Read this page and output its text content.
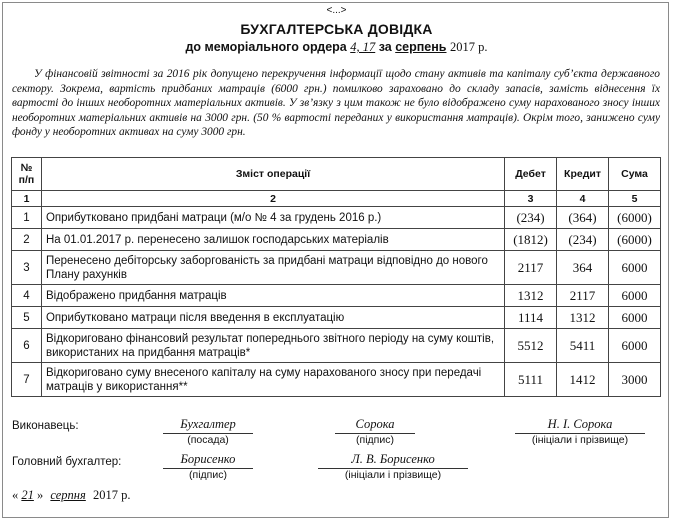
<...>
БУХГАЛТЕРСЬКА ДОВІДКА
до меморіального ордера 4, 17 за серпень 2017 р.
У фінансовій звітності за 2016 рік допущено перекручення інформації щодо стану активів та капіталу суб’єкта державного сектору. Зокрема, вартість придбаних матраців (6000 грн.) помилково зараховано до складу запасів, замість віднесення їх вартості до інших необоротних матеріальних активів. У зв’язку з цим також не було відображено суму нарахованого зносу інших необоротних матеріальних активів на 3000 грн. (50 % вартості переданих у використання матраців). Окрім того, занижено суму фонду у необоротних активах на суму 3000 грн.
№ п/п	Зміст операції	Дебет	Кредит	Сума
1	2	3	4	5
1	Оприбутковано придбані матраци (м/о № 4 за грудень 2016 р.)	(234)	(364)	(6000)
2	На 01.01.2017 р. перенесено залишок господарських матеріалів	(1812)	(234)	(6000)
3	Перенесено дебіторську заборгованість за придбані матраци відповідно до нового Плану рахунків	2117	364	6000
4	Відображено придбання матраців	1312	2117	6000
5	Оприбутковано матраци після введення в експлуатацію	1114	1312	6000
6	Відкориговано фінансовий результат попереднього звітного періоду на суму коштів, використаних на придбання матраців*	5512	5411	6000
7	Відкориговано суму внесеного капіталу на суму нарахованого зносу при передачі матраців у використання**	5111	1412	3000
Виконавець:	Бухгалтер
(посада)
Сорока
(підпис)
Н. І. Сорока
(ініціали і прізвище)
Головний бухгалтер:	Борисенко
(підпис)
Л. В. Борисенко
(ініціали і прізвище)
« 21 » серпня 2017 р.
